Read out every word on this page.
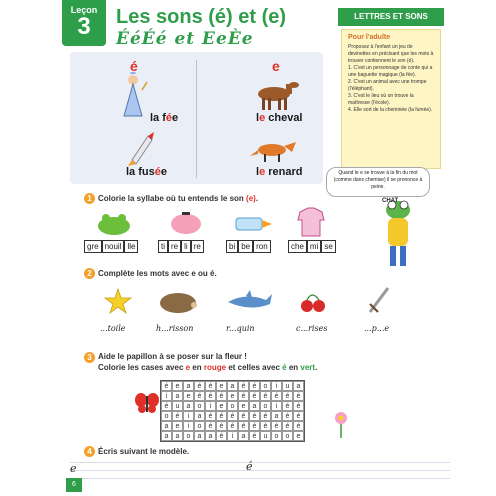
Leçon
3	Les sons (é) et (e)
ÉéÉé et EeÈe
LETTRES ET SONS
Pour l'adulte
Proposez à l'enfant un jeu de devinettes en précisant que les mots à trouver contiennent le son (é).
1. C'est un personnage de conte qui a une baguette magique (la fée).
2. C'est un animal avec une trompe (l'éléphant).
3. C'est le lieu où on trouve la maîtresse (l'école).
4. Elle sort de la cheminée (la fumée).
é	e
la fée	le cheval
la fusée	le renard	Quand le e se trouve à la fin du mot (comme dans chemise) il se prononce à peine.
CHAT
1 Colorie la syllabe où tu entends le son (e).
gre nouil lle	ti re li re	bi be ron	che mi se
2 Complète les mots avec e ou é.
...toile	h...risson	r...quin	c...rises	...p...e
3 Aide le papillon à se poser sur la fleur !
Colorie les cases avec e en rouge et celles avec é en vert.
é	e	a	é	é	e	a	é	é	o	i	u	a
i	a	e	é	é	é	e	é	é	é	é	é	é
é	u	a	o	i	e	o	e	a	o	i	é	é
o	é	i	a	é	é	é	é	é	é	a	é	é
a	e	i	o	é	é	é	é	é	é	é	é	é
a	a	o	a	a	é	i	a	é	u	o	o	e
4 Écris suivant le modèle.
e	é
6
